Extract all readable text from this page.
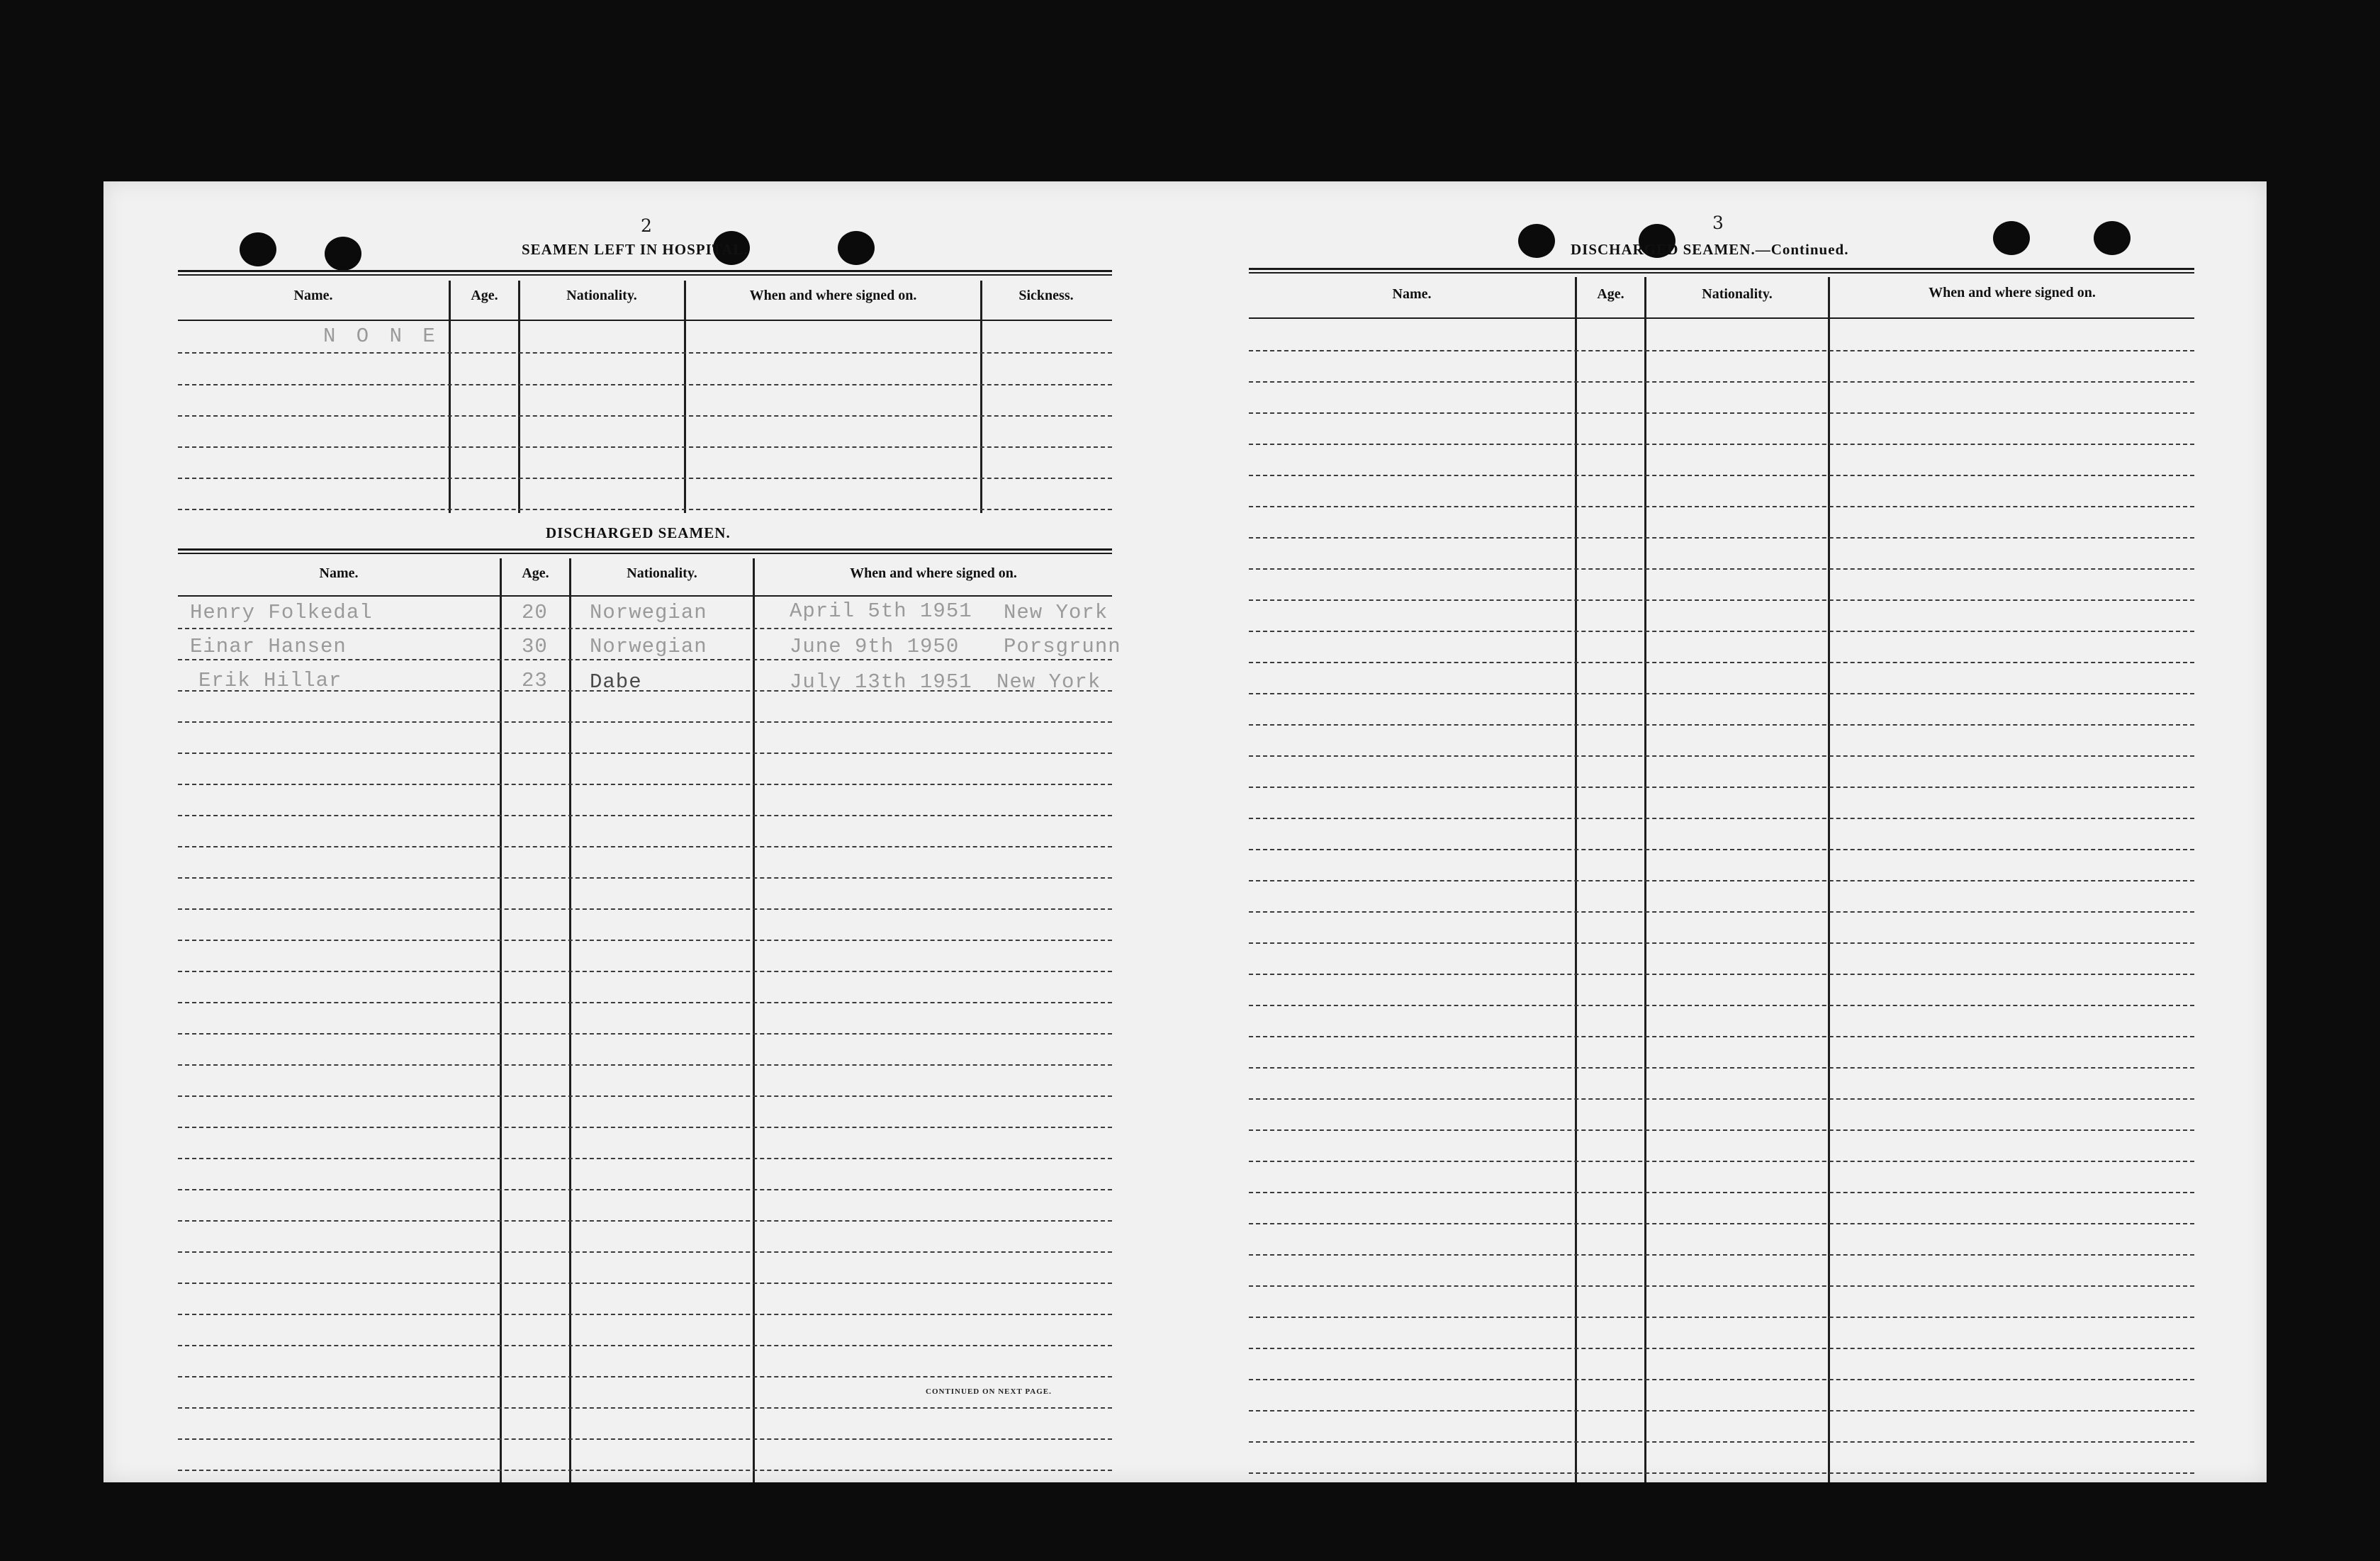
2
SEAMEN LEFT IN HOSPITAL.
Name.	Age.	Nationality.	When and where signed on.	Sickness.
N O N E
DISCHARGED SEAMEN.
Name.	Age.	Nationality.	When and where signed on.
Henry Folkedal	20 Norwegian	April 5th 1951 New York
Einar Hansen	30 Norwegian	June 9th 1950 Porsgrunn
Erik Hillar	23 Dabe	July 13th 1951 New York
CONTINUED ON NEXT PAGE.
3
DISCHARGED SEAMEN.—Continued.
Name.	Age.	Nationality.	When and where signed on.
